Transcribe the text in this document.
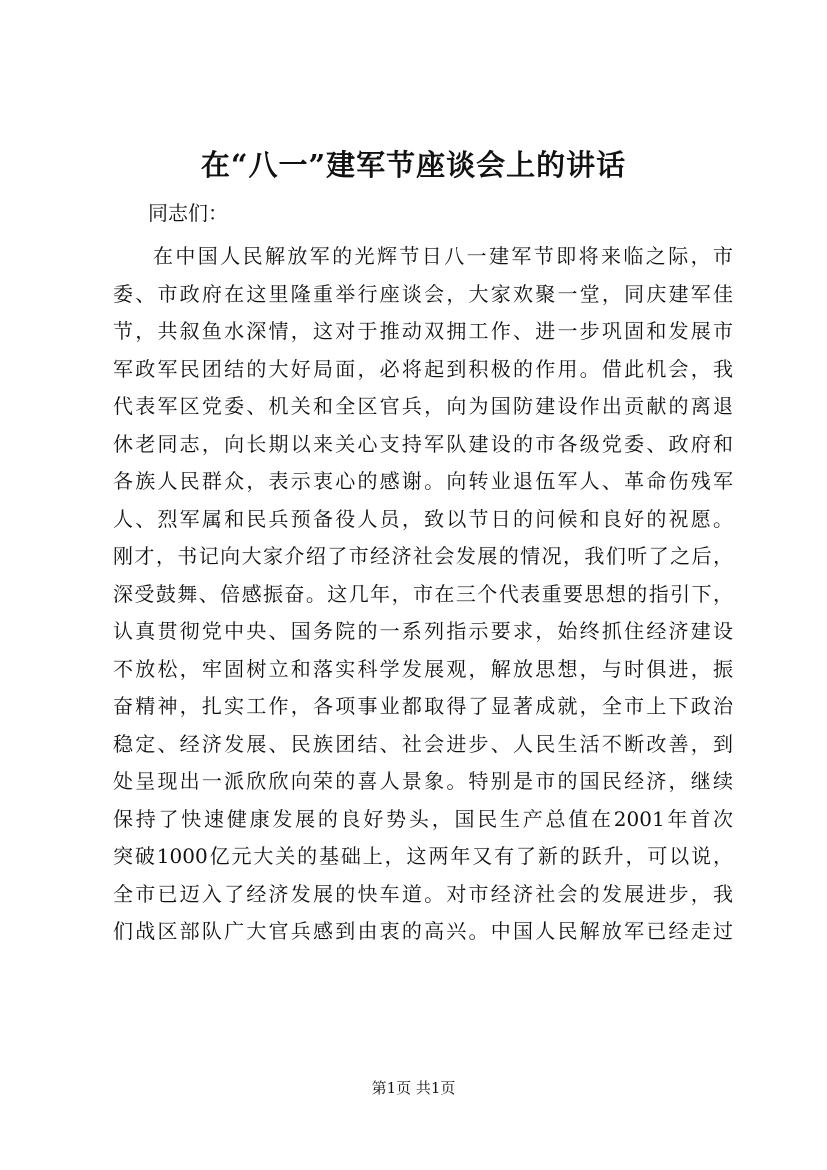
在“八一”建军节座谈会上的讲话
同志们：
在中国人民解放军的光辉节日八一建军节即将来临之际，市
委、市政府在这里隆重举行座谈会，大家欢聚一堂，同庆建军佳
节，共叙鱼水深情，这对于推动双拥工作、进一步巩固和发展市
军政军民团结的大好局面，必将起到积极的作用。借此机会，我
代表军区党委、机关和全区官兵，向为国防建设作出贡献的离退
休老同志，向长期以来关心支持军队建设的市各级党委、政府和
各族人民群众，表示衷心的感谢。向转业退伍军人、革命伤残军
人、烈军属和民兵预备役人员，致以节日的问候和良好的祝愿。
刚才，书记向大家介绍了市经济社会发展的情况，我们听了之后，
深受鼓舞、倍感振奋。这几年，市在三个代表重要思想的指引下，
认真贯彻党中央、国务院的一系列指示要求，始终抓住经济建设
不放松，牢固树立和落实科学发展观，解放思想，与时俱进，振
奋精神，扎实工作，各项事业都取得了显著成就，全市上下政治
稳定、经济发展、民族团结、社会进步、人民生活不断改善，到
处呈现出一派欣欣向荣的喜人景象。特别是市的国民经济，继续
保持了快速健康发展的良好势头，国民生产总值在2001年首次
突破1000亿元大关的基础上，这两年又有了新的跃升，可以说，
全市已迈入了经济发展的快车道。对市经济社会的发展进步，我
们战区部队广大官兵感到由衷的高兴。中国人民解放军已经走过
第1页 共1页
